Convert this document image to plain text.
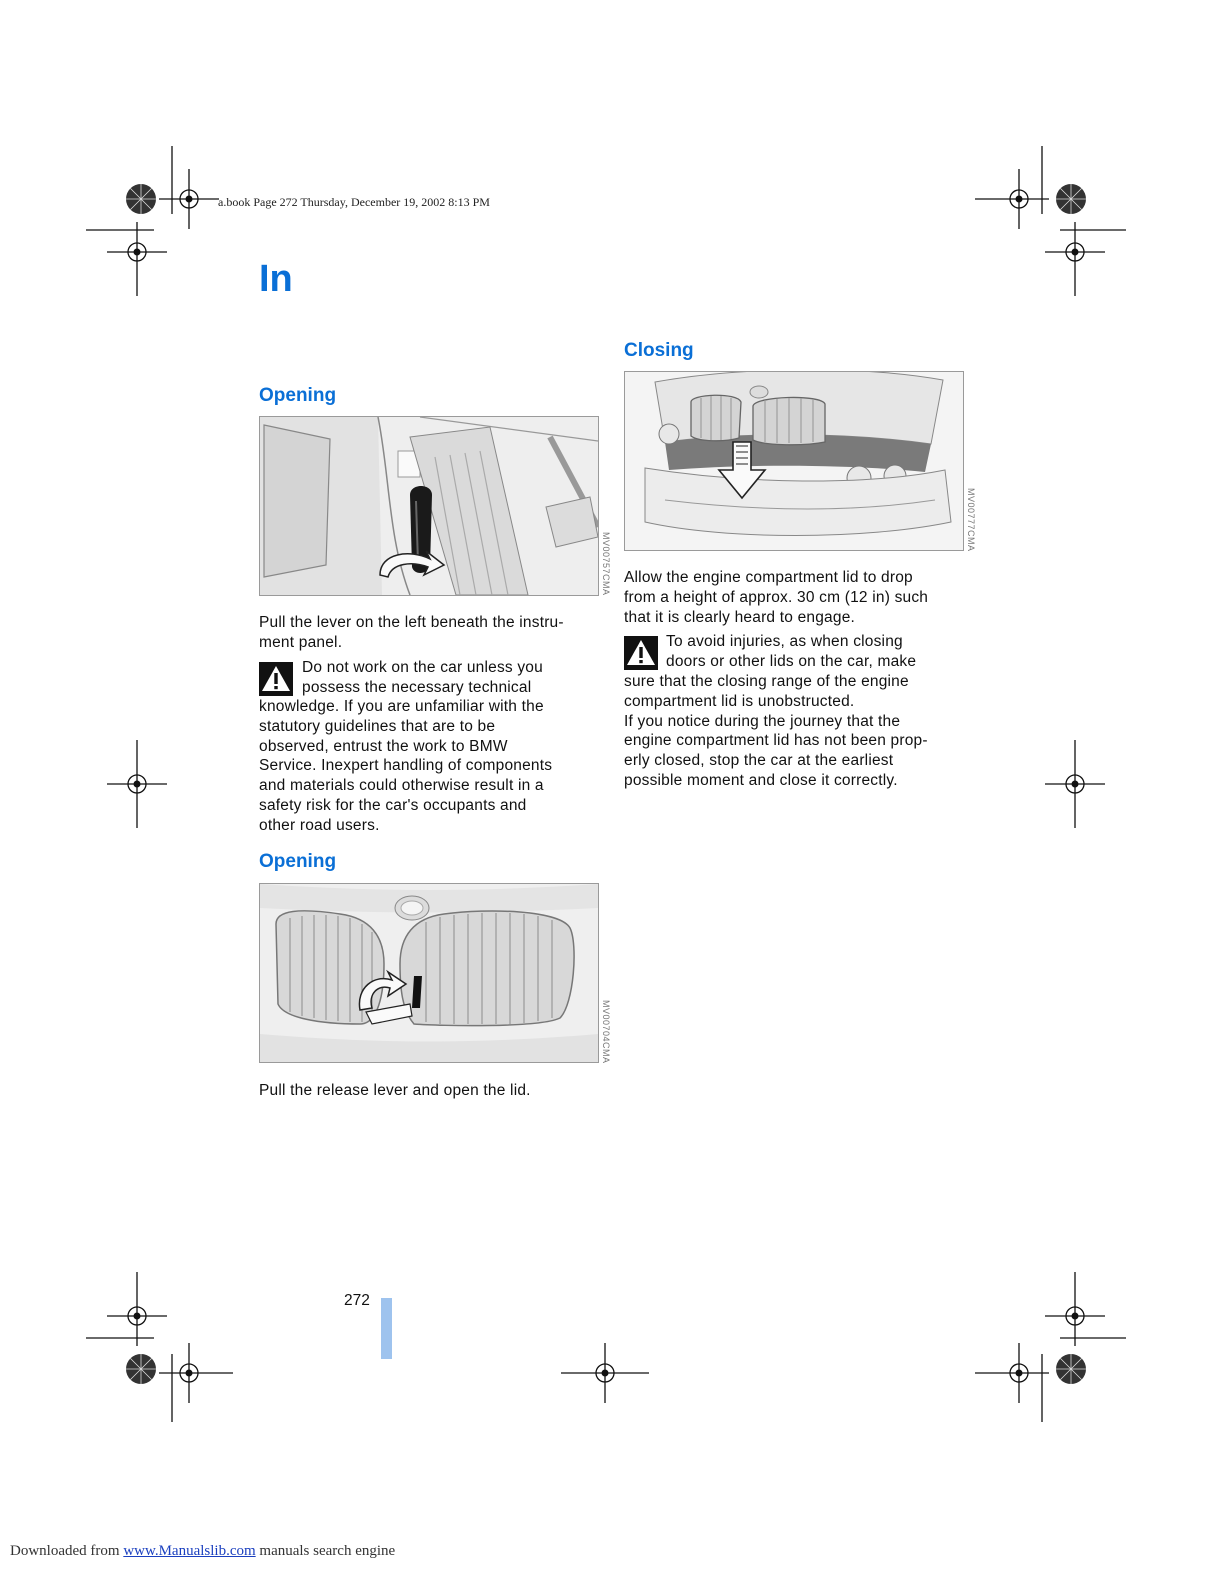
a.book Page 272 Thursday, December 19, 2002 8:13 PM
In
Opening
MV00757CMA
Pull the lever on the left beneath the instru-
ment panel.
Do not work on the car unless you
possess the necessary technical
knowledge. If you are unfamiliar with the
statutory guidelines that are to be
observed, entrust the work to BMW
Service. Inexpert handling of components
and materials could otherwise result in a
safety risk for the car's occupants and
other road users.
Opening
MV00704CMA
Pull the release lever and open the lid.
Closing
MV00777CMA
Allow the engine compartment lid to drop
from a height of approx. 30 cm (12 in) such
that it is clearly heard to engage.
To avoid injuries, as when closing
doors or other lids on the car, make
sure that the closing range of the engine
compartment lid is unobstructed.
If you notice during the journey that the
engine compartment lid has not been prop-
erly closed, stop the car at the earliest
possible moment and close it correctly.
272
Downloaded from www.Manualslib.com manuals search engine
